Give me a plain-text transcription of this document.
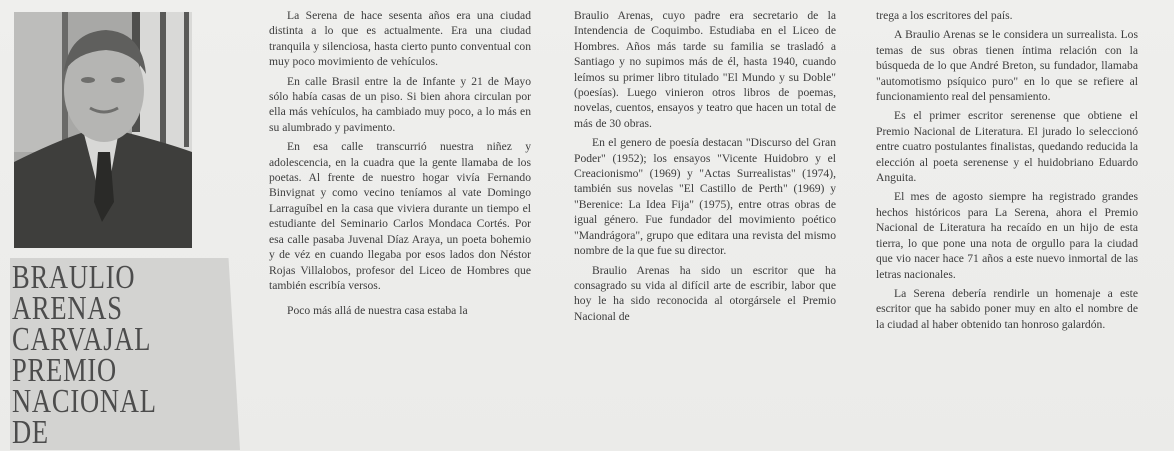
BRAULIO
ARENAS
CARVAJAL
PREMIO
NACIONAL
DE

La Serena de hace sesenta años era una ciudad distinta a lo que es actualmente. Era una ciudad tranquila y silenciosa, hasta cierto punto conventual con muy poco movimiento de vehículos.

En calle Brasil entre la de Infante y 21 de Mayo sólo había casas de un piso. Si bien ahora circulan por ella más vehículos, ha cambiado muy poco, a lo más en su alumbrado y pavimento.

En esa calle transcurrió nuestra niñez y adolescencia, en la cuadra que la gente llamaba de los poetas. Al frente de nuestro hogar vivía Fernando Binvignat y como vecino teníamos al vate Domingo Larraguíbel en la casa que viviera durante un tiempo el estudiante del Seminario Carlos Mondaca Cortés. Por esa calle pasaba Juvenal Díaz Araya, un poeta bohemio y de véz en cuando llegaba por esos lados don Néstor Rojas Villalobos, profesor del Liceo de Hombres que también escribía versos.

Poco más allá de nuestra casa estaba la

Braulio Arenas, cuyo padre era secretario de la Intendencia de Coquimbo. Estudiaba en el Liceo de Hombres. Años más tarde su familia se trasladó a Santiago y no supimos más de él, hasta 1940, cuando leímos su primer libro titulado "El Mundo y su Doble" (poesías). Luego vinieron otros libros de poemas, novelas, cuentos, ensayos y teatro que hacen un total de más de 30 obras.

En el genero de poesía destacan "Discurso del Gran Poder" (1952); los ensayos "Vicente Huidobro y el Creacionismo" (1969) y "Actas Surrealistas" (1974), también sus novelas "El Castillo de Perth" (1969) y "Berenice: La Idea Fija" (1975), entre otras obras de igual género. Fue fundador del movimiento poético "Mandrágora", grupo que editara una revista del mismo nombre de la que fue su director.

Braulio Arenas ha sido un escritor que ha consagrado su vida al difícil arte de escribir, labor que hoy le ha sido reconocida al otorgársele el Premio Nacional de

trega a los escritores del país.

A Braulio Arenas se le considera un surrealista. Los temas de sus obras tienen íntima relación con la búsqueda de lo que André Breton, su fundador, llamaba "automotismo psíquico puro" en lo que se refiere al funcionamiento real del pensamiento.

Es el primer escritor serenense que obtiene el Premio Nacional de Literatura. El jurado lo seleccionó entre cuatro postulantes finalistas, quedando reducida la elección al poeta serenense y el huidobriano Eduardo Anguita.

El mes de agosto siempre ha registrado grandes hechos históricos para La Serena, ahora el Premio Nacional de Literatura ha recaído en un hijo de esta tierra, lo que pone una nota de orgullo para la ciudad que vio nacer hace 71 años a este nuevo inmortal de las letras nacionales.

La Serena debería rendirle un homenaje a este escritor que ha sabido poner muy en alto el nombre de la ciudad al haber obtenido tan honroso galardón.
